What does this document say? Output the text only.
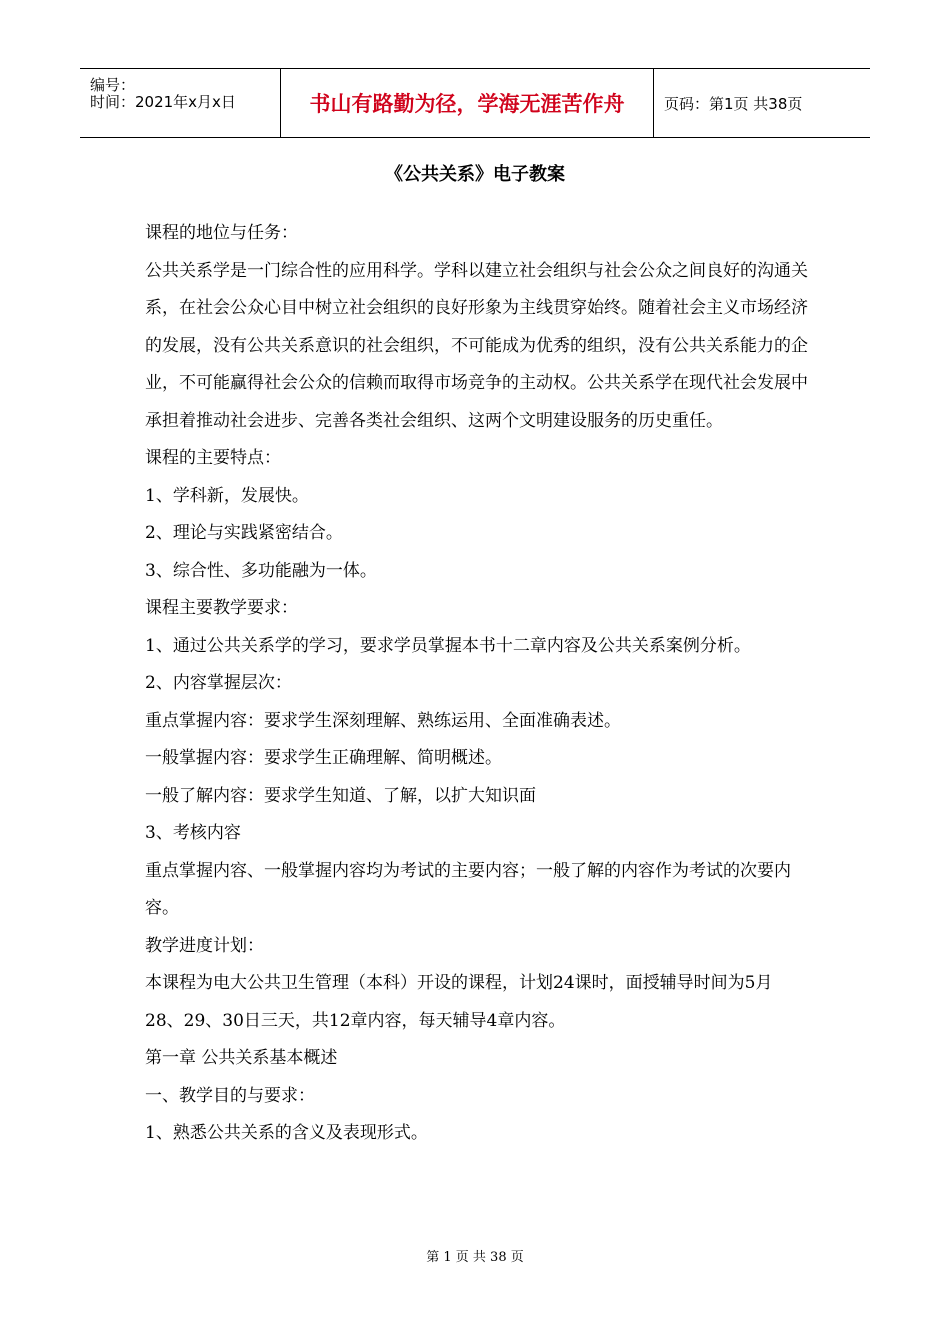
编号：
时间：2021年x月x日	书山有路勤为径，学海无涯苦作舟	页码：第1页 共38页
《公共关系》电子教案

课程的地位与任务：

公共关系学是一门综合性的应用科学。学科以建立社会组织与社会公众之间良好的沟通关系，在社会公众心目中树立社会组织的良好形象为主线贯穿始终。随着社会主义市场经济的发展，没有公共关系意识的社会组织，不可能成为优秀的组织，没有公共关系能力的企业，不可能赢得社会公众的信赖而取得市场竞争的主动权。公共关系学在现代社会发展中承担着推动社会进步、完善各类社会组织、这两个文明建设服务的历史重任。

课程的主要特点：

1、学科新，发展快。

2、理论与实践紧密结合。

3、综合性、多功能融为一体。

课程主要教学要求：

1、通过公共关系学的学习，要求学员掌握本书十二章内容及公共关系案例分析。

2、内容掌握层次：

重点掌握内容：要求学生深刻理解、熟练运用、全面准确表述。

一般掌握内容：要求学生正确理解、简明概述。

一般了解内容：要求学生知道、了解，以扩大知识面

3、考核内容

重点掌握内容、一般掌握内容均为考试的主要内容；一般了解的内容作为考试的次要内容。

教学进度计划：

本课程为电大公共卫生管理（本科）开设的课程，计划24课时，面授辅导时间为5月28、29、30日三天，共12章内容，每天辅导4章内容。

第一章 公共关系基本概述

一、教学目的与要求：

1、熟悉公共关系的含义及表现形式。

第 1 页 共 38 页
